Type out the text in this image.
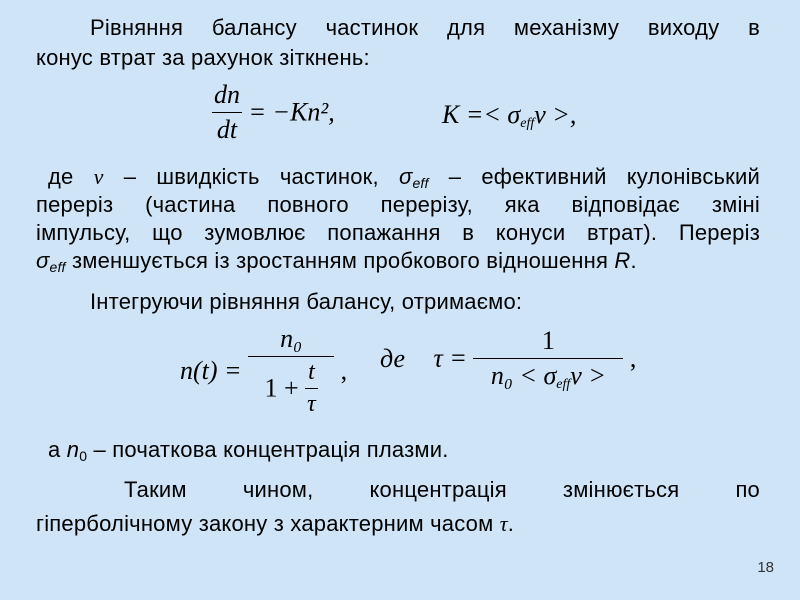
Рівняння балансу частинок для механізму виходу в
конус втрат за рахунок зіткнень:
$\frac{dn}{dt} = -Kn^2$,	$K =< \sigma_{eff}v$ >,
де v – швидкість частинок, $\sigma_{eff}$ – ефективний кулонівський
переріз (частина повного перерізу, яка відповідає зміні
імпульсу, що зумовлює попажання в конуси втрат). Переріз
$\sigma_{eff}$ зменшується із зростанням пробкового відношення R.
Інтегруючи рівняння балансу, отримаємо:
$n(t) = \frac{\text{n₀}}{1 + \frac{t}{\tau}}$ , де $\tau = \frac{1}{n_0 < \sigma_{eff}v >}$ ,
а $n_0$ – початкова концентрація плазми.
Таким чином, концентрація змінюється по
гіперболічному закону з характерним часом τ.
18
